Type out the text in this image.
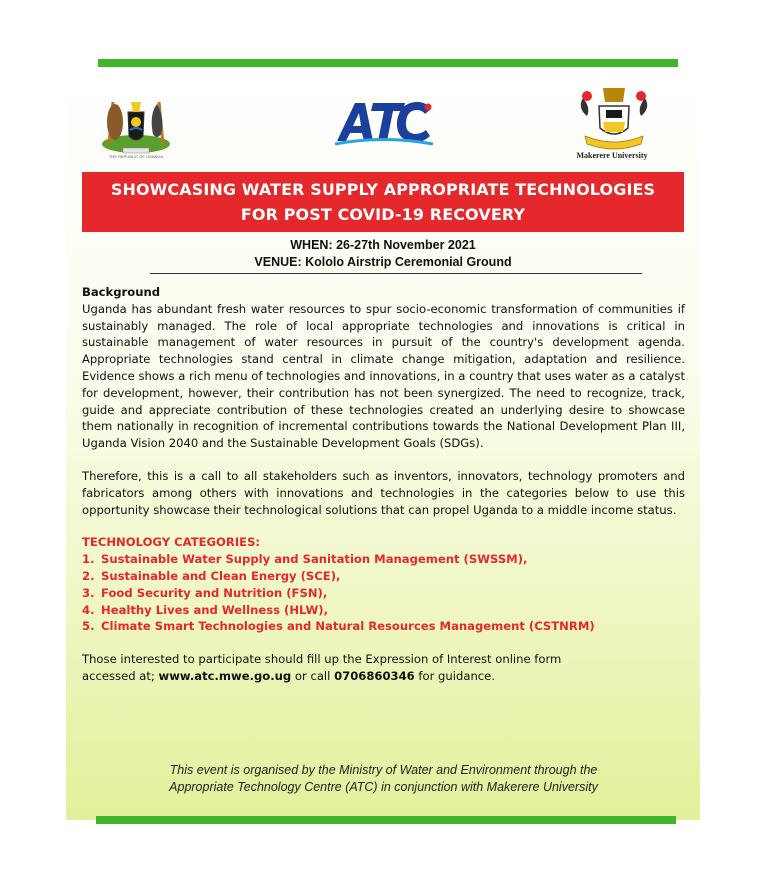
THE REPUBLIC OF UGANDA	Makerere University
SHOWCASING WATER SUPPLY APPROPRIATE TECHNOLOGIES
FOR POST COVID-19 RECOVERY
WHEN: 26-27th November 2021
VENUE: Kololo Airstrip Ceremonial Ground
Background

Uganda has abundant fresh water resources to spur socio-economic transformation of communities if sustainably managed. The role of local appropriate technologies and innovations is critical in sustainable management of water resources in pursuit of the country's development agenda. Appropriate technologies stand central in climate change mitigation, adaptation and resilience. Evidence shows a rich menu of technologies and innovations, in a country that uses water as a catalyst for development, however, their contribution has not been synergized. The need to recognize, track, guide and appreciate contribution of these technologies created an underlying desire to showcase them nationally in recognition of incremental contributions towards the National Development Plan III, Uganda Vision 2040 and the Sustainable Development Goals (SDGs).

Therefore, this is a call to all stakeholders such as inventors, innovators, technology promoters and fabricators among others with innovations and technologies in the categories below to use this opportunity showcase their technological solutions that can propel Uganda to a middle income status.

TECHNOLOGY CATEGORIES:
1. Sustainable Water Supply and Sanitation Management (SWSSM),
2. Sustainable and Clean Energy (SCE),
3. Food Security and Nutrition (FSN),
4. Healthy Lives and Wellness (HLW),
5. Climate Smart Technologies and Natural Resources Management (CSTNRM)

Those interested to participate should fill up the Expression of Interest online form
accessed at; www.atc.mwe.go.ug or call 0706860346 for guidance.

This event is organised by the Ministry of Water and Environment through the
Appropriate Technology Centre (ATC) in conjunction with Makerere University
